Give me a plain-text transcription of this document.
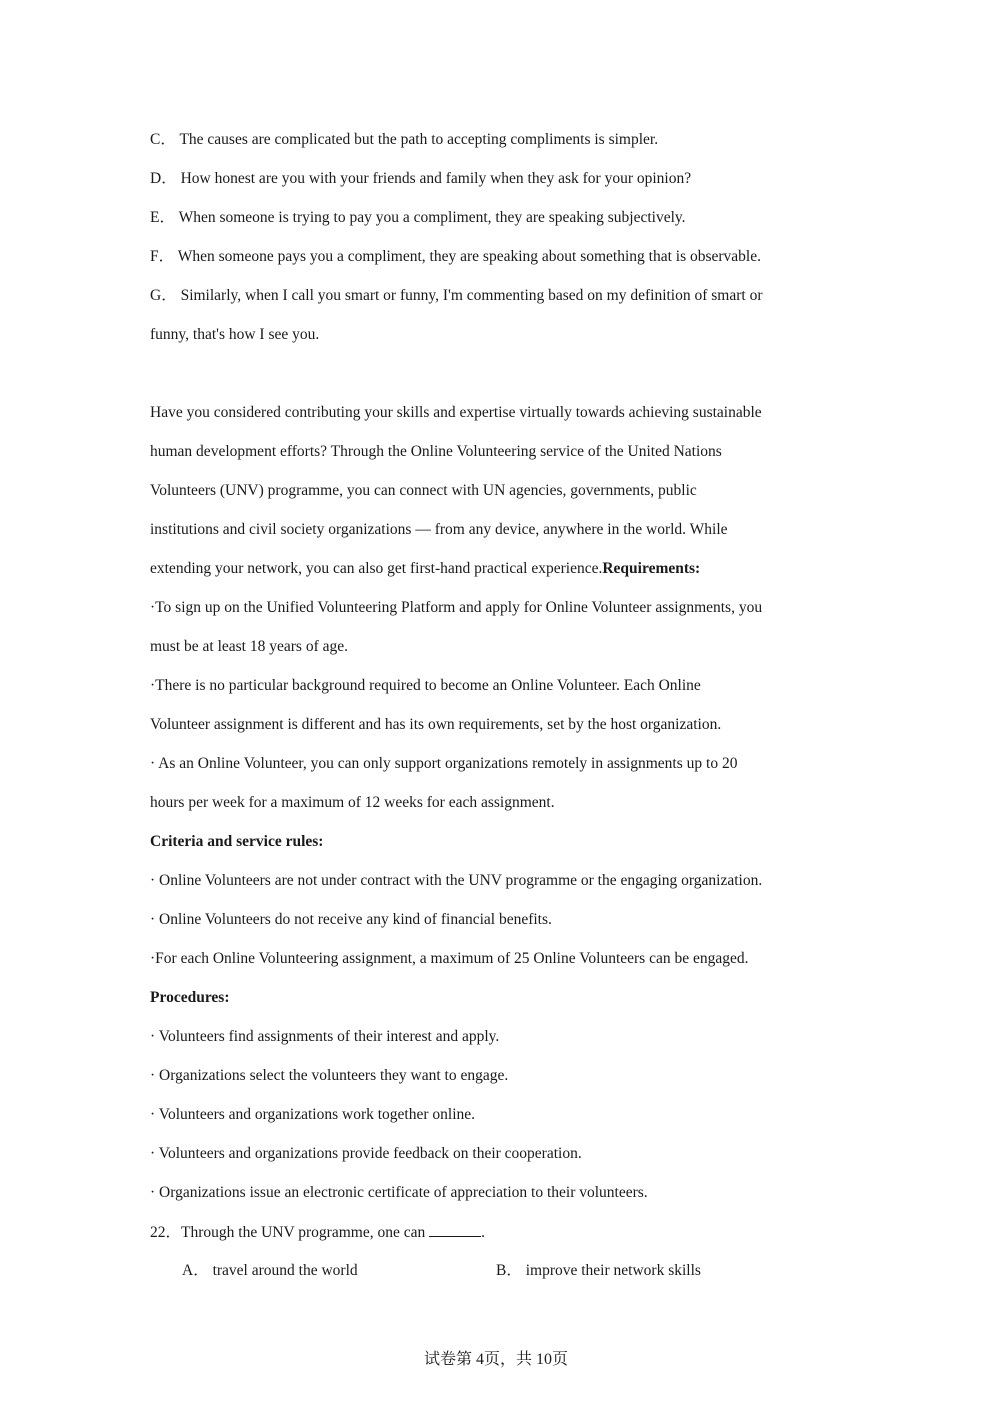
C． The causes are complicated but the path to accepting compliments is simpler.
D． How honest are you with your friends and family when they ask for your opinion?
E． When someone is trying to pay you a compliment, they are speaking subjectively.
F． When someone pays you a compliment, they are speaking about something that is observable.
G． Similarly, when I call you smart or funny, I'm commenting based on my definition of smart or
funny, that's how I see you.
Have you considered contributing your skills and expertise virtually towards achieving sustainable
human development efforts? Through the Online Volunteering service of the United Nations
Volunteers (UNV) programme, you can connect with UN agencies, governments, public
institutions and civil society organizations — from any device, anywhere in the world. While
extending your network, you can also get first-hand practical experience.Requirements:
·To sign up on the Unified Volunteering Platform and apply for Online Volunteer assignments, you
must be at least 18 years of age.
·There is no particular background required to become an Online Volunteer. Each Online
Volunteer assignment is different and has its own requirements, set by the host organization.
· As an Online Volunteer, you can only support organizations remotely in assignments up to 20
hours per week for a maximum of 12 weeks for each assignment.
Criteria and service rules:
· Online Volunteers are not under contract with the UNV programme or the engaging organization.
· Online Volunteers do not receive any kind of financial benefits.
·For each Online Volunteering assignment, a maximum of 25 Online Volunteers can be engaged.
Procedures:
· Volunteers find assignments of their interest and apply.
· Organizations select the volunteers they want to engage.
· Volunteers and organizations work together online.
· Volunteers and organizations provide feedback on their cooperation.
· Organizations issue an electronic certificate of appreciation to their volunteers.
22．Through the UNV programme, one can	.
A． travel around the world	B． improve their network skills
试卷第 4页，共 10页
